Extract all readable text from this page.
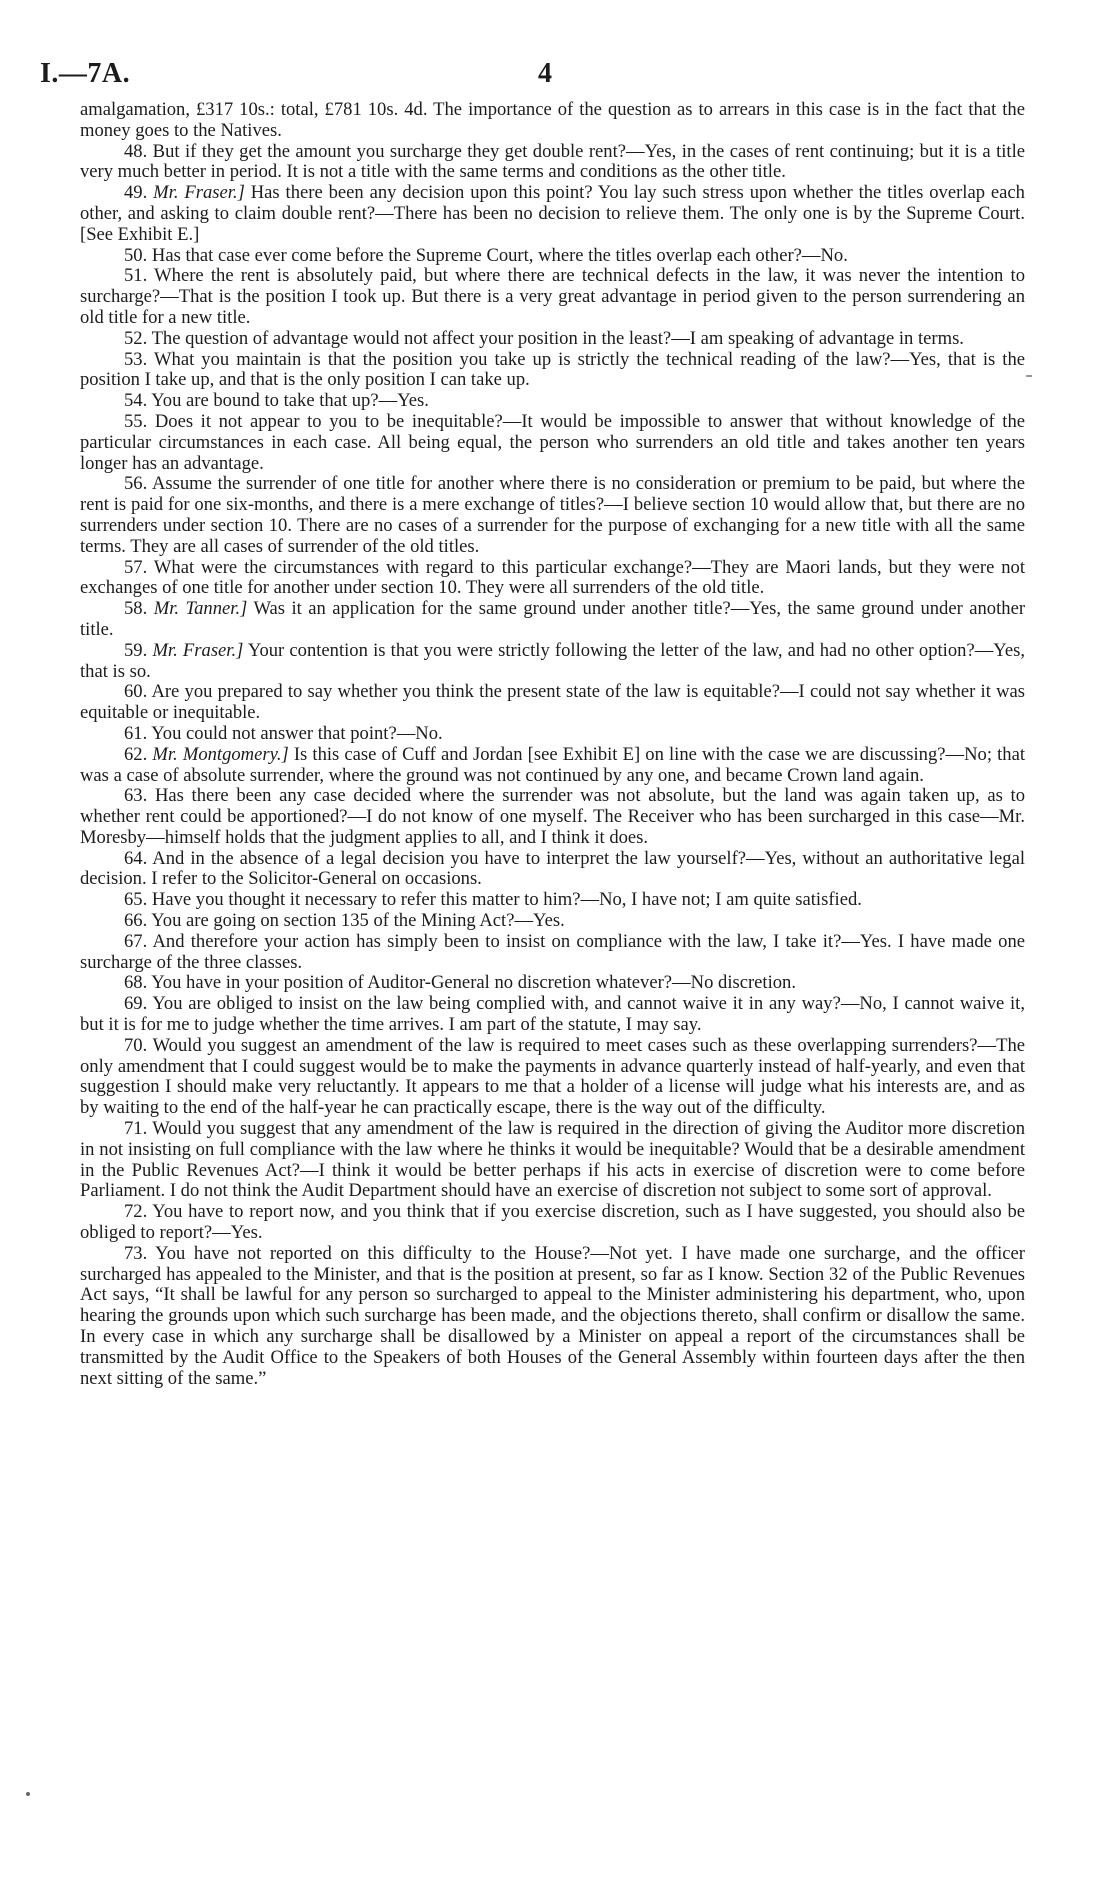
I.—7A.	4

amalgamation, £317 10s.: total, £781 10s. 4d. The importance of the question as to arrears in this case is in the fact that the money goes to the Natives.

48. But if they get the amount you surcharge they get double rent?—Yes, in the cases of rent continuing; but it is a title very much better in period. It is not a title with the same terms and conditions as the other title.

49. Mr. Fraser.] Has there been any decision upon this point? You lay such stress upon whether the titles overlap each other, and asking to claim double rent?—There has been no decision to relieve them. The only one is by the Supreme Court. [See Exhibit E.]

50. Has that case ever come before the Supreme Court, where the titles overlap each other?—No.

51. Where the rent is absolutely paid, but where there are technical defects in the law, it was never the intention to surcharge?—That is the position I took up. But there is a very great advantage in period given to the person surrendering an old title for a new title.

52. The question of advantage would not affect your position in the least?—I am speaking of advantage in terms.

53. What you maintain is that the position you take up is strictly the technical reading of the law?—Yes, that is the position I take up, and that is the only position I can take up.

54. You are bound to take that up?—Yes.

55. Does it not appear to you to be inequitable?—It would be impossible to answer that without knowledge of the particular circumstances in each case. All being equal, the person who surrenders an old title and takes another ten years longer has an advantage.

56. Assume the surrender of one title for another where there is no consideration or premium to be paid, but where the rent is paid for one six-months, and there is a mere exchange of titles?—I believe section 10 would allow that, but there are no surrenders under section 10. There are no cases of a surrender for the purpose of exchanging for a new title with all the same terms. They are all cases of surrender of the old titles.

57. What were the circumstances with regard to this particular exchange?—They are Maori lands, but they were not exchanges of one title for another under section 10. They were all surrenders of the old title.

58. Mr. Tanner.] Was it an application for the same ground under another title?—Yes, the same ground under another title.

59. Mr. Fraser.] Your contention is that you were strictly following the letter of the law, and had no other option?—Yes, that is so.

60. Are you prepared to say whether you think the present state of the law is equitable?—I could not say whether it was equitable or inequitable.

61. You could not answer that point?—No.

62. Mr. Montgomery.] Is this case of Cuff and Jordan [see Exhibit E] on line with the case we are discussing?—No; that was a case of absolute surrender, where the ground was not continued by any one, and became Crown land again.

63. Has there been any case decided where the surrender was not absolute, but the land was again taken up, as to whether rent could be apportioned?—I do not know of one myself. The Receiver who has been surcharged in this case—Mr. Moresby—himself holds that the judgment applies to all, and I think it does.

64. And in the absence of a legal decision you have to interpret the law yourself?—Yes, without an authoritative legal decision. I refer to the Solicitor-General on occasions.

65. Have you thought it necessary to refer this matter to him?—No, I have not; I am quite satisfied.

66. You are going on section 135 of the Mining Act?—Yes.

67. And therefore your action has simply been to insist on compliance with the law, I take it?—Yes. I have made one surcharge of the three classes.

68. You have in your position of Auditor-General no discretion whatever?—No discretion.

69. You are obliged to insist on the law being complied with, and cannot waive it in any way?—No, I cannot waive it, but it is for me to judge whether the time arrives. I am part of the statute, I may say.

70. Would you suggest an amendment of the law is required to meet cases such as these overlapping surrenders?—The only amendment that I could suggest would be to make the payments in advance quarterly instead of half-yearly, and even that suggestion I should make very reluctantly. It appears to me that a holder of a license will judge what his interests are, and as by waiting to the end of the half-year he can practically escape, there is the way out of the difficulty.

71. Would you suggest that any amendment of the law is required in the direction of giving the Auditor more discretion in not insisting on full compliance with the law where he thinks it would be inequitable? Would that be a desirable amendment in the Public Revenues Act?—I think it would be better perhaps if his acts in exercise of discretion were to come before Parliament. I do not think the Audit Department should have an exercise of discretion not subject to some sort of approval.

72. You have to report now, and you think that if you exercise discretion, such as I have suggested, you should also be obliged to report?—Yes.

73. You have not reported on this difficulty to the House?—Not yet. I have made one surcharge, and the officer surcharged has appealed to the Minister, and that is the position at present, so far as I know. Section 32 of the Public Revenues Act says, “It shall be lawful for any person so surcharged to appeal to the Minister administering his department, who, upon hearing the grounds upon which such surcharge has been made, and the objections thereto, shall confirm or disallow the same. In every case in which any surcharge shall be disallowed by a Minister on appeal a report of the circumstances shall be transmitted by the Audit Office to the Speakers of both Houses of the General Assembly within fourteen days after the then next sitting of the same.”
